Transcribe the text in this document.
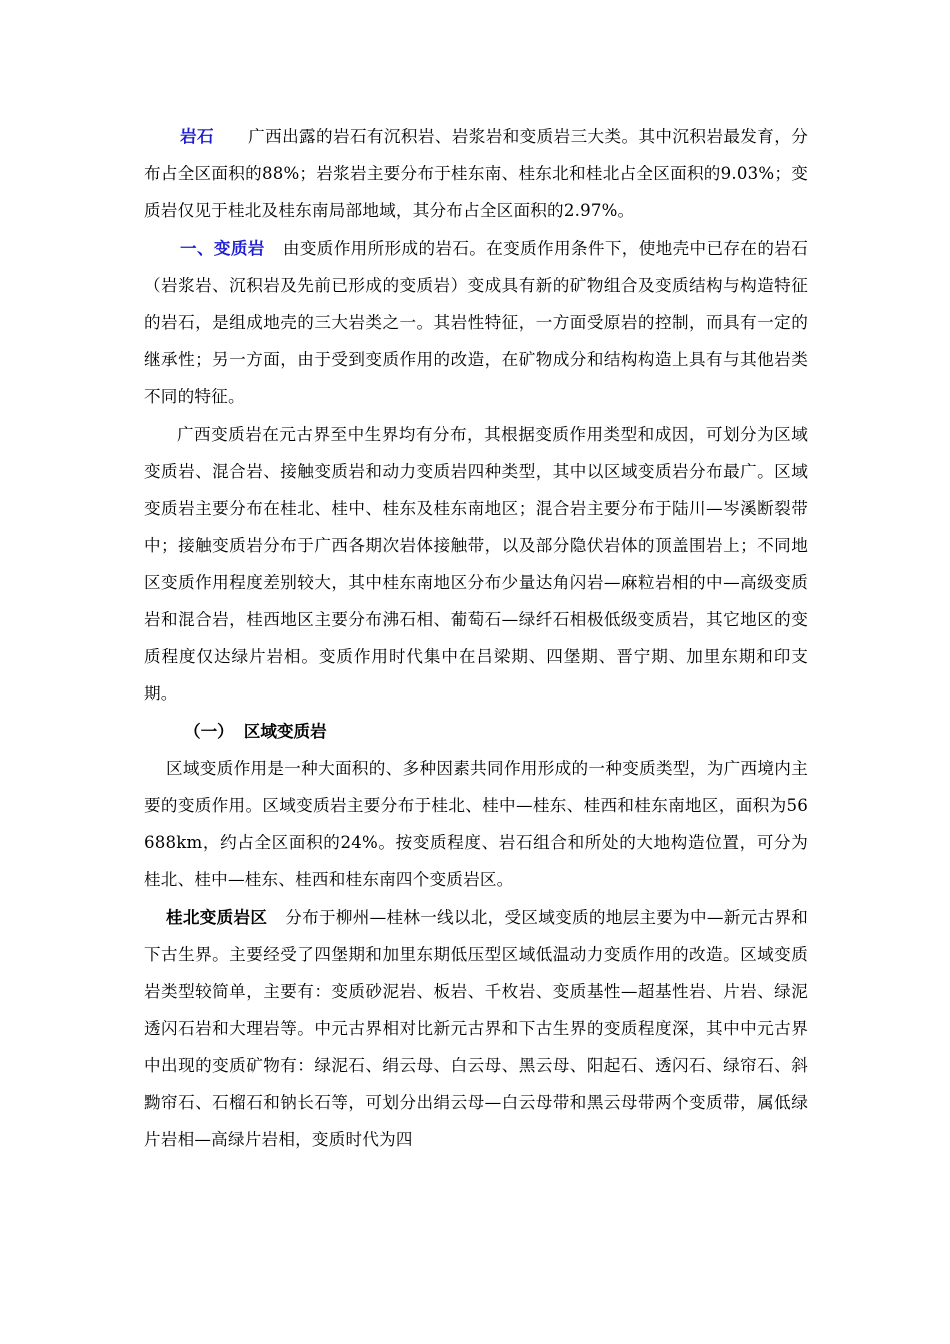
岩石 广西出露的岩石有沉积岩、岩浆岩和变质岩三大类。其中沉积岩最发育，分布占全区面积的88%；岩浆岩主要分布于桂东南、桂东北和桂北占全区面积的9.03%；变质岩仅见于桂北及桂东南局部地域，其分布占全区面积的2.97%。

一、变质岩 由变质作用所形成的岩石。在变质作用条件下，使地壳中已存在的岩石（岩浆岩、沉积岩及先前已形成的变质岩）变成具有新的矿物组合及变质结构与构造特征的岩石，是组成地壳的三大岩类之一。其岩性特征，一方面受原岩的控制，而具有一定的继承性；另一方面，由于受到变质作用的改造，在矿物成分和结构构造上具有与其他岩类不同的特征。

广西变质岩在元古界至中生界均有分布，其根据变质作用类型和成因，可划分为区域变质岩、混合岩、接触变质岩和动力变质岩四种类型，其中以区域变质岩分布最广。区域变质岩主要分布在桂北、桂中、桂东及桂东南地区；混合岩主要分布于陆川—岑溪断裂带中；接触变质岩分布于广西各期次岩体接触带，以及部分隐伏岩体的顶盖围岩上；不同地区变质作用程度差别较大，其中桂东南地区分布少量达角闪岩—麻粒岩相的中—高级变质岩和混合岩，桂西地区主要分布沸石相、葡萄石—绿纤石相极低级变质岩，其它地区的变质程度仅达绿片岩相。变质作用时代集中在吕梁期、四堡期、晋宁期、加里东期和印支期。

（一） 区域变质岩

区域变质作用是一种大面积的、多种因素共同作用形成的一种变质类型，为广西境内主要的变质作用。区域变质岩主要分布于桂北、桂中—桂东、桂西和桂东南地区，面积为56688km，约占全区面积的24%。按变质程度、岩石组合和所处的大地构造位置，可分为桂北、桂中—桂东、桂西和桂东南四个变质岩区。

桂北变质岩区 分布于柳州—桂林一线以北，受区域变质的地层主要为中—新元古界和下古生界。主要经受了四堡期和加里东期低压型区域低温动力变质作用的改造。区域变质岩类型较简单，主要有：变质砂泥岩、板岩、千枚岩、变质基性—超基性岩、片岩、绿泥透闪石岩和大理岩等。中元古界相对比新元古界和下古生界的变质程度深，其中中元古界中出现的变质矿物有：绿泥石、绢云母、白云母、黑云母、阳起石、透闪石、绿帘石、斜黝帘石、石榴石和钠长石等，可划分出绢云母—白云母带和黑云母带两个变质带，属低绿片岩相—高绿片岩相，变质时代为四
